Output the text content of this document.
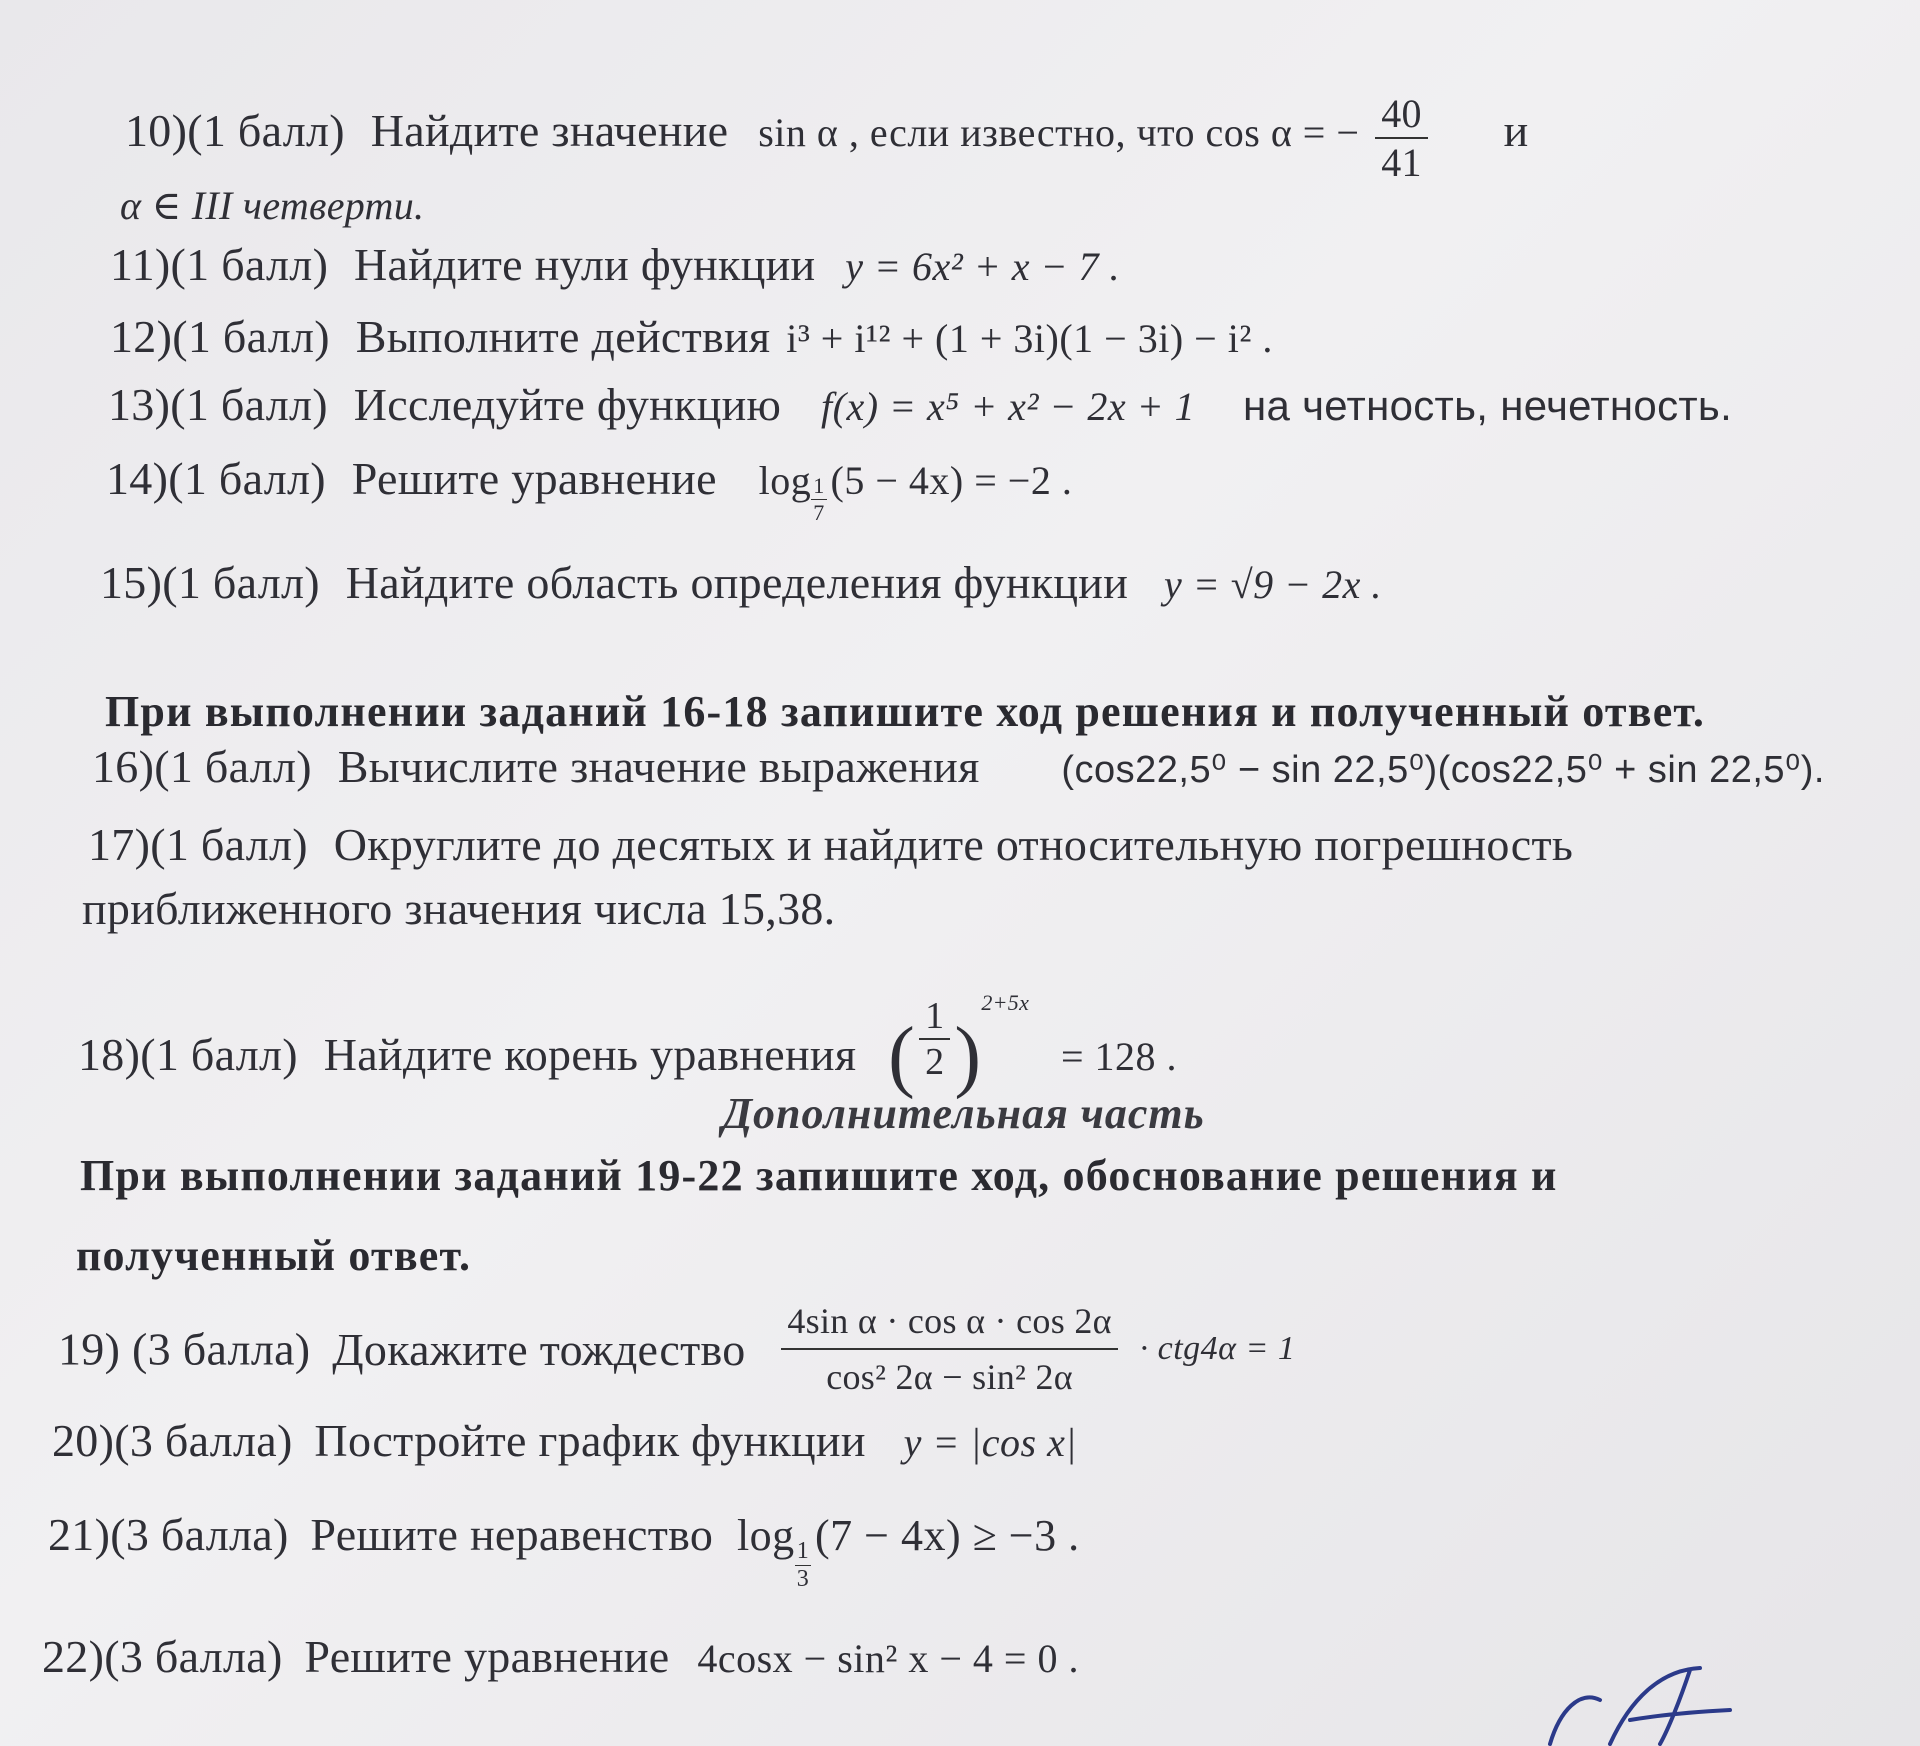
10)(1 балл) Найдите значение sin α , если известно, что cos α = − $\frac{40}{41}$ и
α ∈ III четверти.
11)(1 балл) Найдите нули функции y = 6x² + x − 7 .
12)(1 балл) Выполните действия i³ + i¹² + (1 + 3i)(1 − 3i) − i² .
13)(1 балл) Исследуйте функцию f(x) = x⁵ + x² − 2x + 1 на четность, нечетность.
14)(1 балл) Решите уравнение $\log \frac{1}{7} (5 - 4x) = -2$ .
15)(1 балл) Найдите область определения функции y = √9 − 2x .
При выполнении заданий 16-18 запишите ход решения и полученный ответ.
16)(1 балл) Вычислите значение выражения (cos22,5⁰ − sin 22,5⁰)(cos22,5⁰ + sin 22,5⁰).
17)(1 балл) Округлите до десятых и найдите относительную погрешность
приближенного значения числа 15,38.
18)(1 балл) Найдите корень уравнения ( $\frac{1}{2} )^{2+5x} = 128$ .
Дополнительная часть
При выполнении заданий 19-22 запишите ход, обоснование решения и
полученный ответ.
19) (3 балла) Докажите тождество $\frac{\text{4sin α · cos α · cos 2α}}{\text{cos² 2α − sin² 2α}} \cdot ctg4\alpha = 1$
20)(3 балла) Постройте график функции y = |cos x|
21)(3 балла) Решите неравенство log
$\frac{1}{3}(7 - 4x) \ge -3$ .
22)(3 балла) Решите уравнение 4cosx − sin² x − 4 = 0 .
